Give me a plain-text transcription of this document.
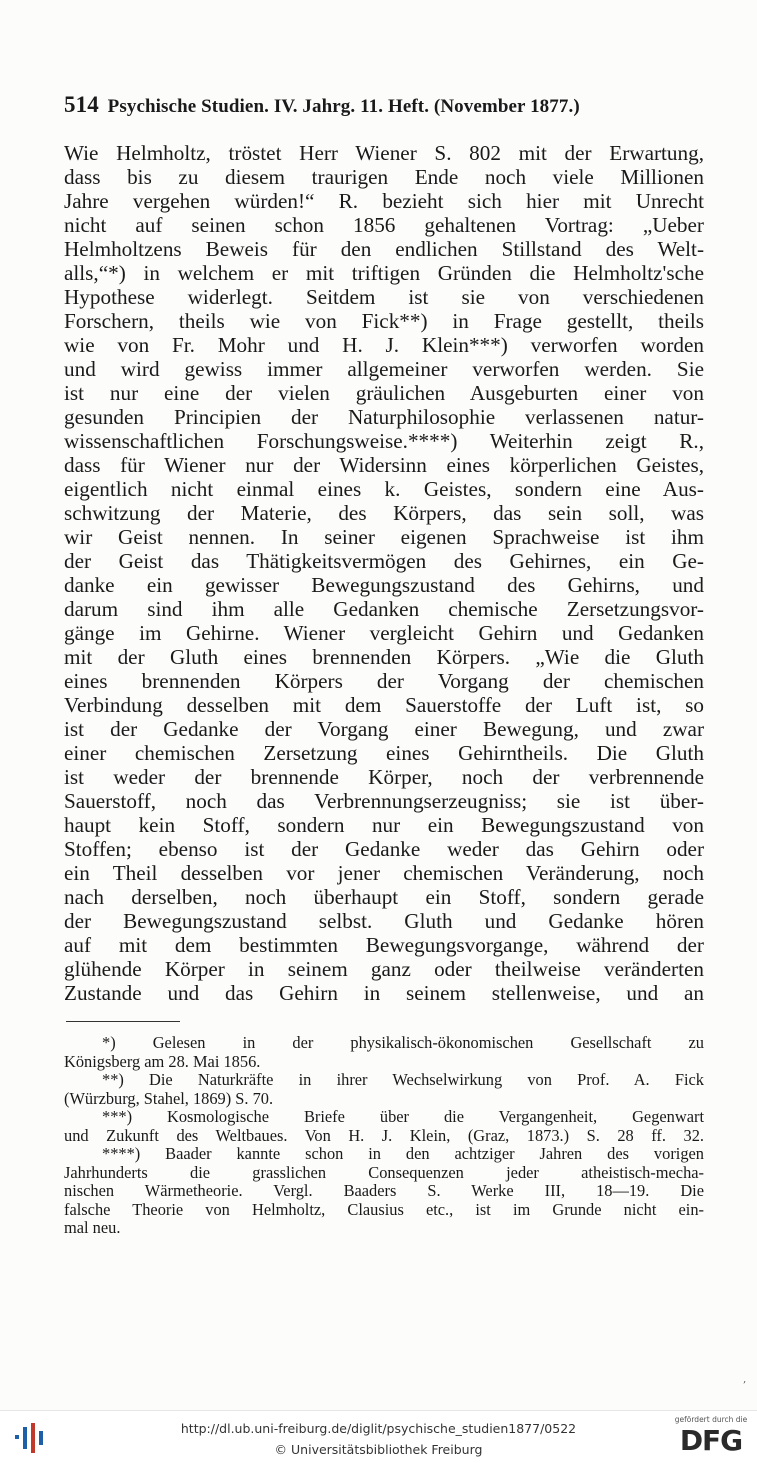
514 Psychische Studien. IV. Jahrg. 11. Heft. (November 1877.)
Wie Helmholtz, tröstet Herr Wiener S. 802 mit der Erwartung,
dass bis zu diesem traurigen Ende noch viele Millionen
Jahre vergehen würden!“ R. bezieht sich hier mit Unrecht
nicht auf seinen schon 1856 gehaltenen Vortrag: „Ueber
Helmholtzens Beweis für den endlichen Stillstand des Welt-
alls,“*) in welchem er mit triftigen Gründen die Helmholtz'sche
Hypothese widerlegt. Seitdem ist sie von verschiedenen
Forschern, theils wie von Fick**) in Frage gestellt, theils
wie von Fr. Mohr und H. J. Klein***) verworfen worden
und wird gewiss immer allgemeiner verworfen werden. Sie
ist nur eine der vielen gräulichen Ausgeburten einer von
gesunden Principien der Naturphilosophie verlassenen natur-
wissenschaftlichen Forschungsweise.****) Weiterhin zeigt R.,
dass für Wiener nur der Widersinn eines körperlichen Geistes,
eigentlich nicht einmal eines k. Geistes, sondern eine Aus-
schwitzung der Materie, des Körpers, das sein soll, was
wir Geist nennen. In seiner eigenen Sprachweise ist ihm
der Geist das Thätigkeitsvermögen des Gehirnes, ein Ge-
danke ein gewisser Bewegungszustand des Gehirns, und
darum sind ihm alle Gedanken chemische Zersetzungsvor-
gänge im Gehirne. Wiener vergleicht Gehirn und Gedanken
mit der Gluth eines brennenden Körpers. „Wie die Gluth
eines brennenden Körpers der Vorgang der chemischen
Verbindung desselben mit dem Sauerstoffe der Luft ist, so
ist der Gedanke der Vorgang einer Bewegung, und zwar
einer chemischen Zersetzung eines Gehirntheils. Die Gluth
ist weder der brennende Körper, noch der verbrennende
Sauerstoff, noch das Verbrennungserzeugniss; sie ist über-
haupt kein Stoff, sondern nur ein Bewegungszustand von
Stoffen; ebenso ist der Gedanke weder das Gehirn oder
ein Theil desselben vor jener chemischen Veränderung, noch
nach derselben, noch überhaupt ein Stoff, sondern gerade
der Bewegungszustand selbst. Gluth und Gedanke hören
auf mit dem bestimmten Bewegungsvorgange, während der
glühende Körper in seinem ganz oder theilweise veränderten
Zustande und das Gehirn in seinem stellenweise, und an
*) Gelesen in der physikalisch-ökonomischen Gesellschaft zu
Königsberg am 28. Mai 1856.
**) Die Naturkräfte in ihrer Wechselwirkung von Prof. A. Fick
(Würzburg, Stahel, 1869) S. 70.
***) Kosmologische Briefe über die Vergangenheit, Gegenwart
und Zukunft des Weltbaues. Von H. J. Klein, (Graz, 1873.) S. 28 ff. 32.
****) Baader kannte schon in den achtziger Jahren des vorigen
Jahrhunderts die grasslichen Consequenzen jeder atheistisch-mecha-
nischen Wärmetheorie. Vergl. Baaders S. Werke III, 18—19. Die
falsche Theorie von Helmholtz, Clausius etc., ist im Grunde nicht ein-
mal neu.
‚
http://dl.ub.uni-freiburg.de/diglit/psychische_studien1877/0522
© Universitätsbibliothek Freiburg
gefördert durch die
DFG
